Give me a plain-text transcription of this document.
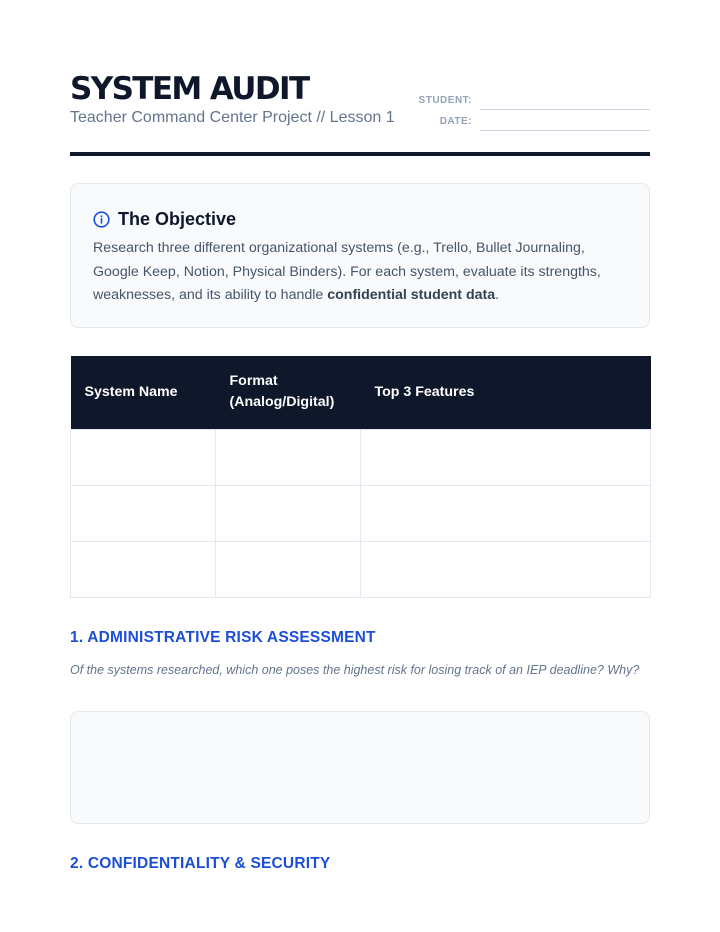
SYSTEM AUDIT
Teacher Command Center Project // Lesson 1
STUDENT:
DATE:
The Objective

Research three different organizational systems (e.g., Trello, Bullet Journaling, Google Keep, Notion, Physical Binders). For each system, evaluate its strengths, weaknesses, and its ability to handle confidential student data.

System Name	Format (Analog/Digital)	Top 3 Features

1. ADMINISTRATIVE RISK ASSESSMENT

Of the systems researched, which one poses the highest risk for losing track of an IEP deadline? Why?

2. CONFIDENTIALITY & SECURITY
